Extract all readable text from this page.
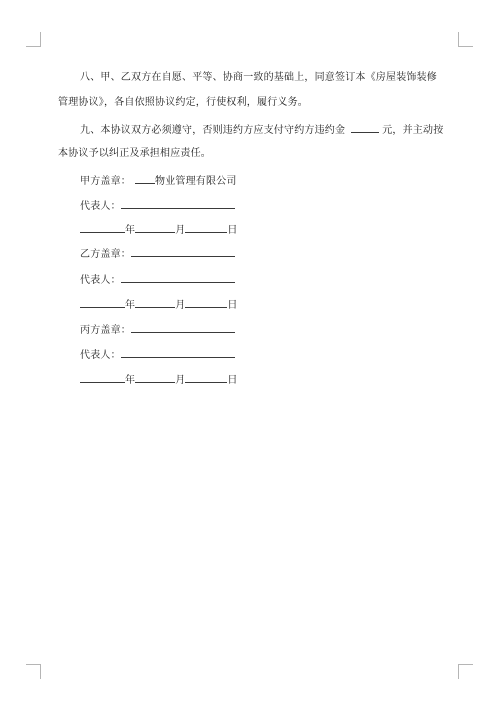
八、甲、乙双方在自愿、平等、协商一致的基础上，同意签订本《房屋装饰装修
管理协议》，各自依照协议约定，行使权利，履行义务。
九、本协议双方必须遵守，否则违约方应支付守约方违约金	元，并主动按
本协议予以纠正及承担相应责任。
甲方盖章： 物业管理有限公司
代表人：
年	月	日
乙方盖章：
代表人：
年	月	日
丙方盖章：
代表人：
年	月	日
